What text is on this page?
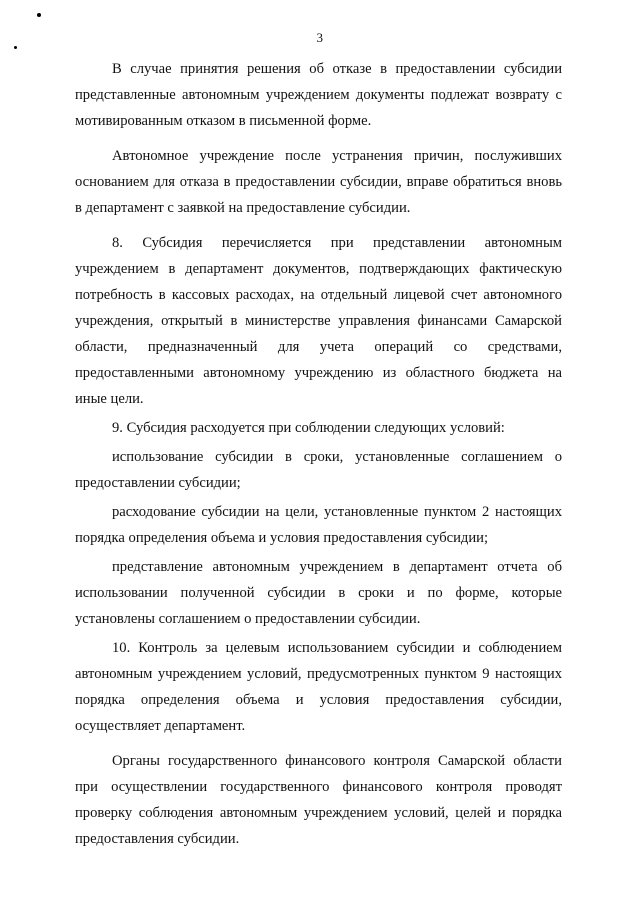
3

В случае принятия решения об отказе в предоставлении субсидии представленные автономным учреждением документы подлежат возврату с мотивированным отказом в письменной форме.

Автономное учреждение после устранения причин, послуживших основанием для отказа в предоставлении субсидии, вправе обратиться вновь в департамент с заявкой на предоставление субсидии.

8. Субсидия перечисляется при представлении автономным учреждением в департамент документов, подтверждающих фактическую потребность в кассовых расходах, на отдельный лицевой счет автономного учреждения, открытый в министерстве управления финансами Самарской области, предназначенный для учета операций со средствами, предоставленными автономному учреждению из областного бюджета на иные цели.

9. Субсидия расходуется при соблюдении следующих условий:

использование субсидии в сроки, установленные соглашением о предоставлении субсидии;

расходование субсидии на цели, установленные пунктом 2 настоящих порядка определения объема и условия предоставления субсидии;

представление автономным учреждением в департамент отчета об использовании полученной субсидии в сроки и по форме, которые установлены соглашением о предоставлении субсидии.

10. Контроль за целевым использованием субсидии и соблюдением автономным учреждением условий, предусмотренных пунктом 9 настоящих порядка определения объема и условия предоставления субсидии, осуществляет департамент.

Органы государственного финансового контроля Самарской области при осуществлении государственного финансового контроля проводят проверку соблюдения автономным учреждением условий, целей и порядка предоставления субсидии.
